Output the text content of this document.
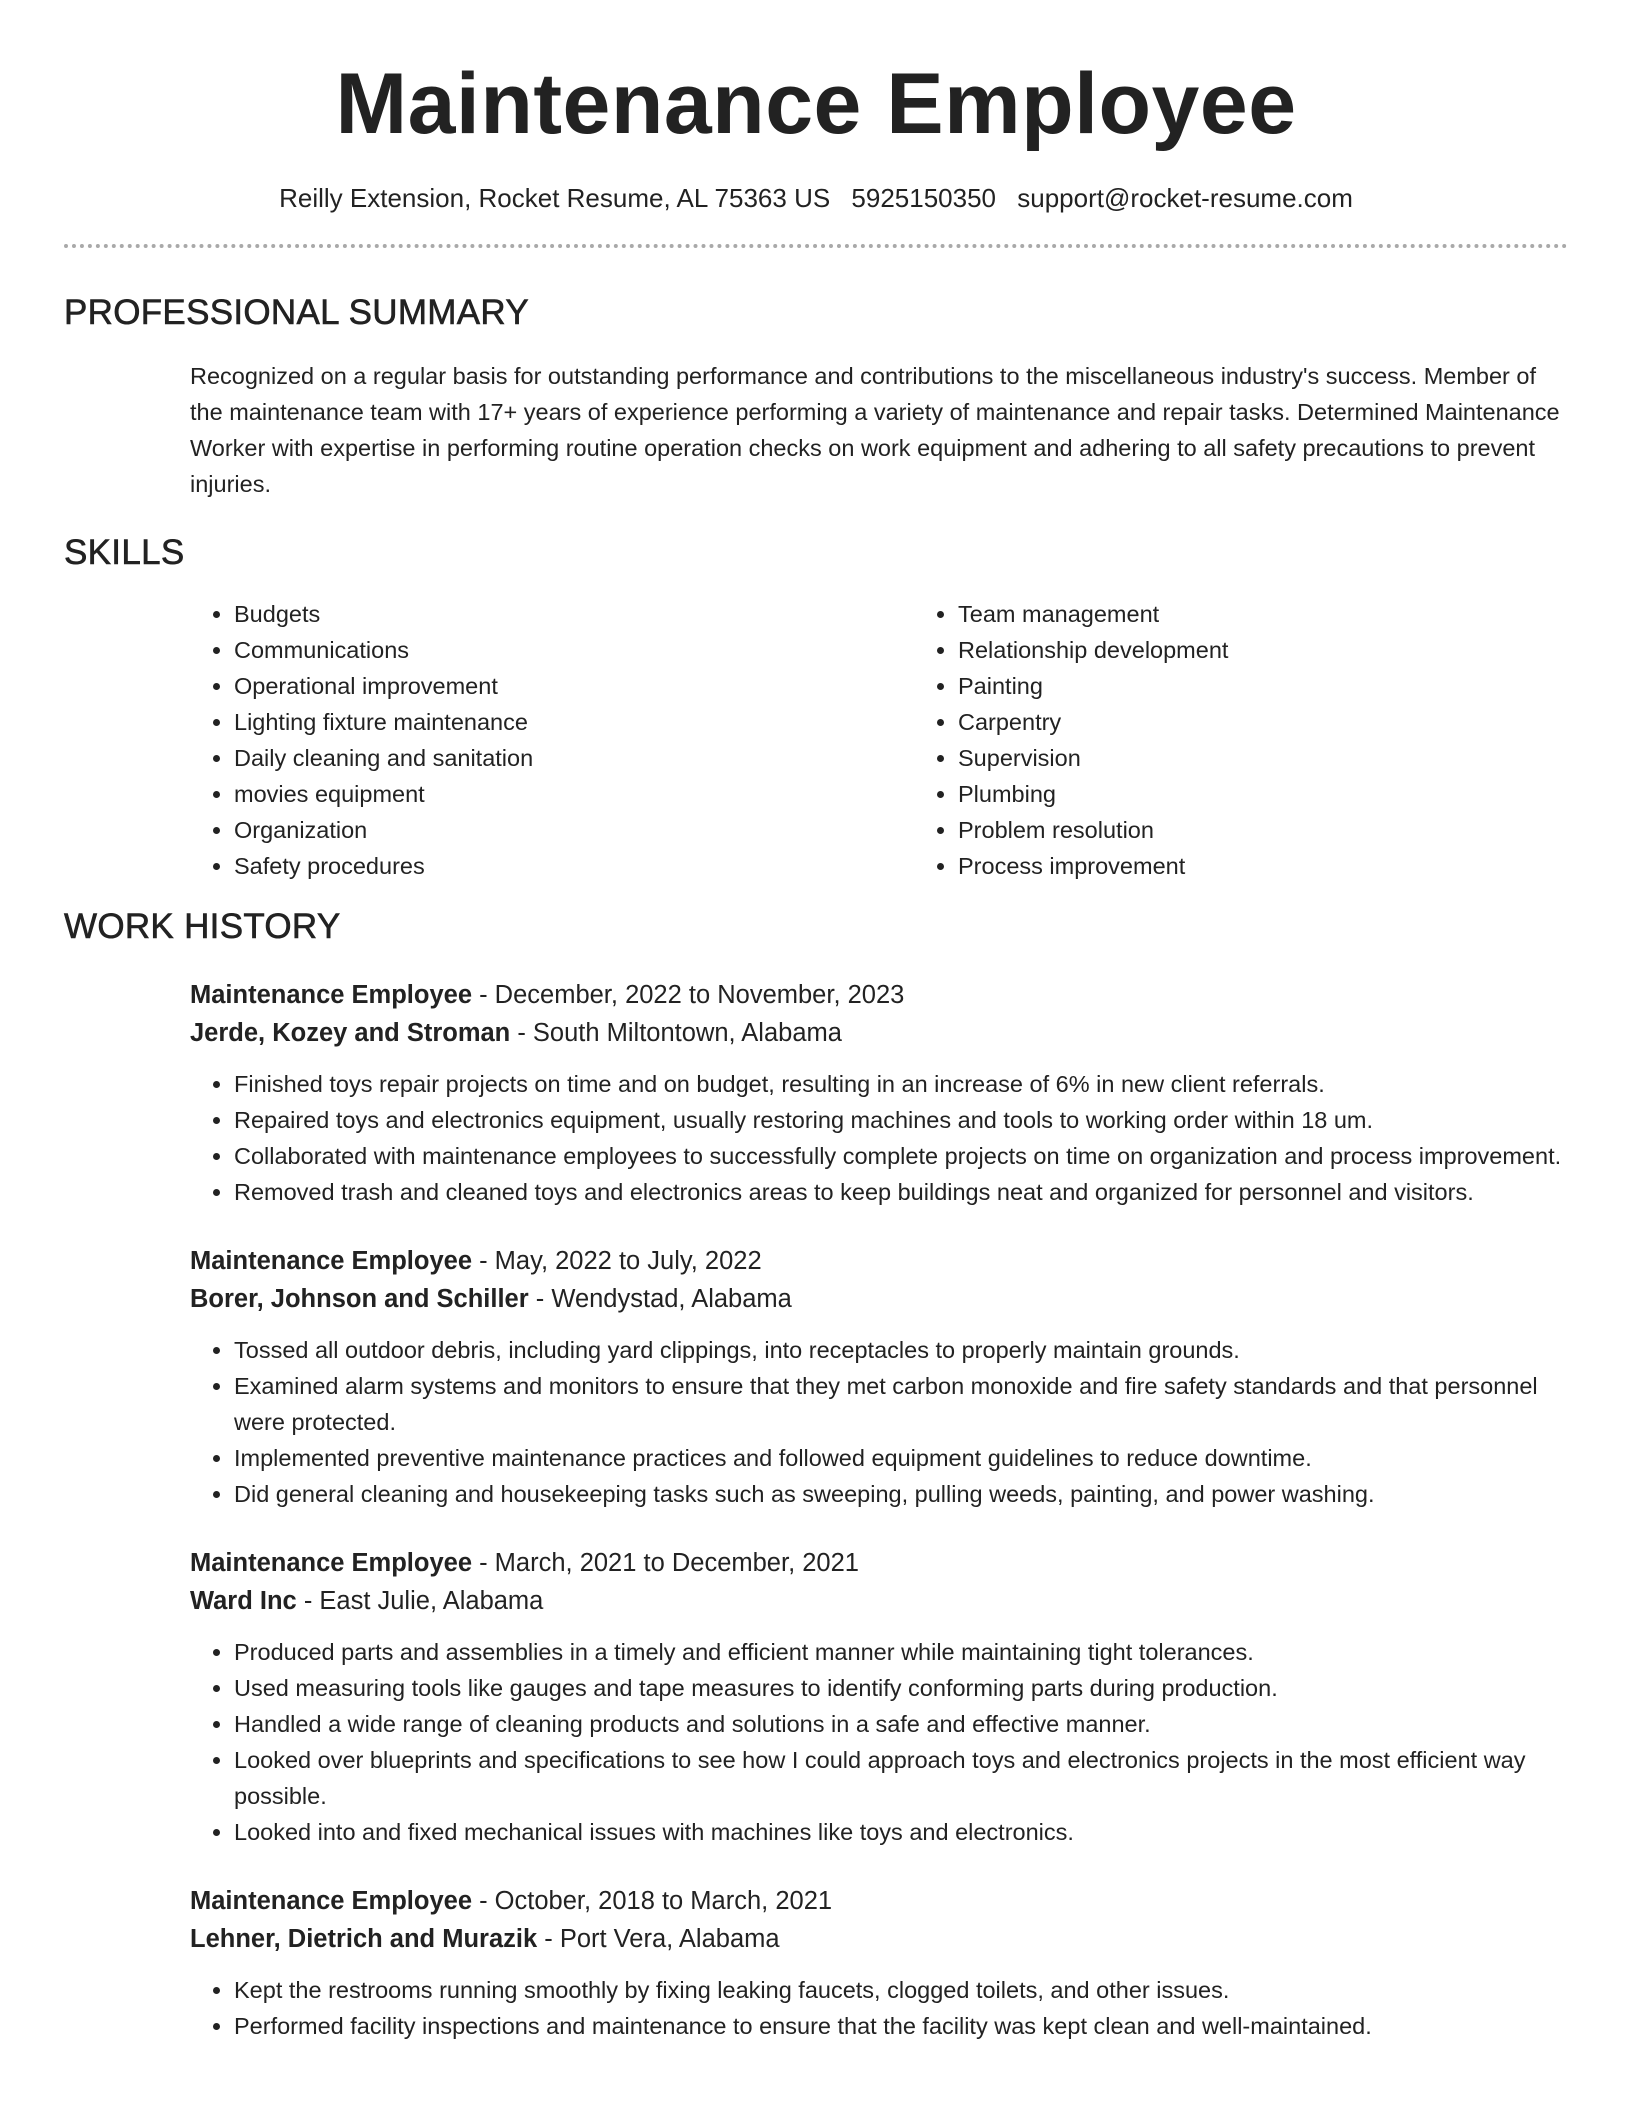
Maintenance Employee
Reilly Extension, Rocket Resume, AL 75363 US 5925150350 support@rocket-resume.com
PROFESSIONAL SUMMARY

Recognized on a regular basis for outstanding performance and contributions to the miscellaneous industry's success. Member of the maintenance team with 17+ years of experience performing a variety of maintenance and repair tasks. Determined Maintenance Worker with expertise in performing routine operation checks on work equipment and adhering to all safety precautions to prevent injuries.

SKILLS
• Budgets
• Communications
• Operational improvement
• Lighting fixture maintenance
• Daily cleaning and sanitation
• movies equipment
• Organization
• Safety procedures
• Team management
• Relationship development
• Painting
• Carpentry
• Supervision
• Plumbing
• Problem resolution
• Process improvement
WORK HISTORY
Maintenance Employee - December, 2022 to November, 2023
Jerde, Kozey and Stroman - South Miltontown, Alabama
• Finished toys repair projects on time and on budget, resulting in an increase of 6% in new client referrals.
• Repaired toys and electronics equipment, usually restoring machines and tools to working order within 18 um.
• Collaborated with maintenance employees to successfully complete projects on time on organization and process improvement.
• Removed trash and cleaned toys and electronics areas to keep buildings neat and organized for personnel and visitors.
Maintenance Employee - May, 2022 to July, 2022
Borer, Johnson and Schiller - Wendystad, Alabama
• Tossed all outdoor debris, including yard clippings, into receptacles to properly maintain grounds.
• Examined alarm systems and monitors to ensure that they met carbon monoxide and fire safety standards and that personnel were protected.
• Implemented preventive maintenance practices and followed equipment guidelines to reduce downtime.
• Did general cleaning and housekeeping tasks such as sweeping, pulling weeds, painting, and power washing.
Maintenance Employee - March, 2021 to December, 2021
Ward Inc - East Julie, Alabama
• Produced parts and assemblies in a timely and efficient manner while maintaining tight tolerances.
• Used measuring tools like gauges and tape measures to identify conforming parts during production.
• Handled a wide range of cleaning products and solutions in a safe and effective manner.
• Looked over blueprints and specifications to see how I could approach toys and electronics projects in the most efficient way possible.
• Looked into and fixed mechanical issues with machines like toys and electronics.
Maintenance Employee - October, 2018 to March, 2021
Lehner, Dietrich and Murazik - Port Vera, Alabama
• Kept the restrooms running smoothly by fixing leaking faucets, clogged toilets, and other issues.
• Performed facility inspections and maintenance to ensure that the facility was kept clean and well-maintained.
